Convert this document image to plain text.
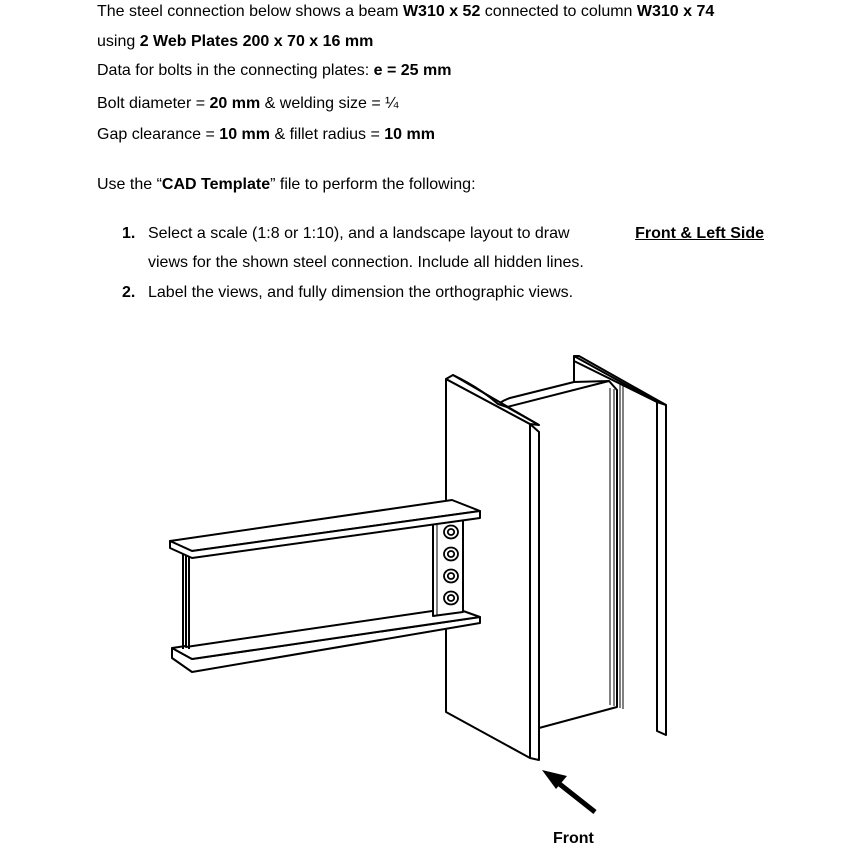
The steel connection below shows a beam W310 x 52 connected to column W310 x 74
using 2 Web Plates 200 x 70 x 16 mm
Data for bolts in the connecting plates: e = 25 mm
Bolt diameter = 20 mm & welding size = ¼
Gap clearance = 10 mm & fillet radius = 10 mm
Use the “CAD Template” file to perform the following:
1. Select a scale (1:8 or 1:10), and a landscape layout to draw	Front & Left Side
views for the shown steel connection. Include all hidden lines.
2. Label the views, and fully dimension the orthographic views.
Front
